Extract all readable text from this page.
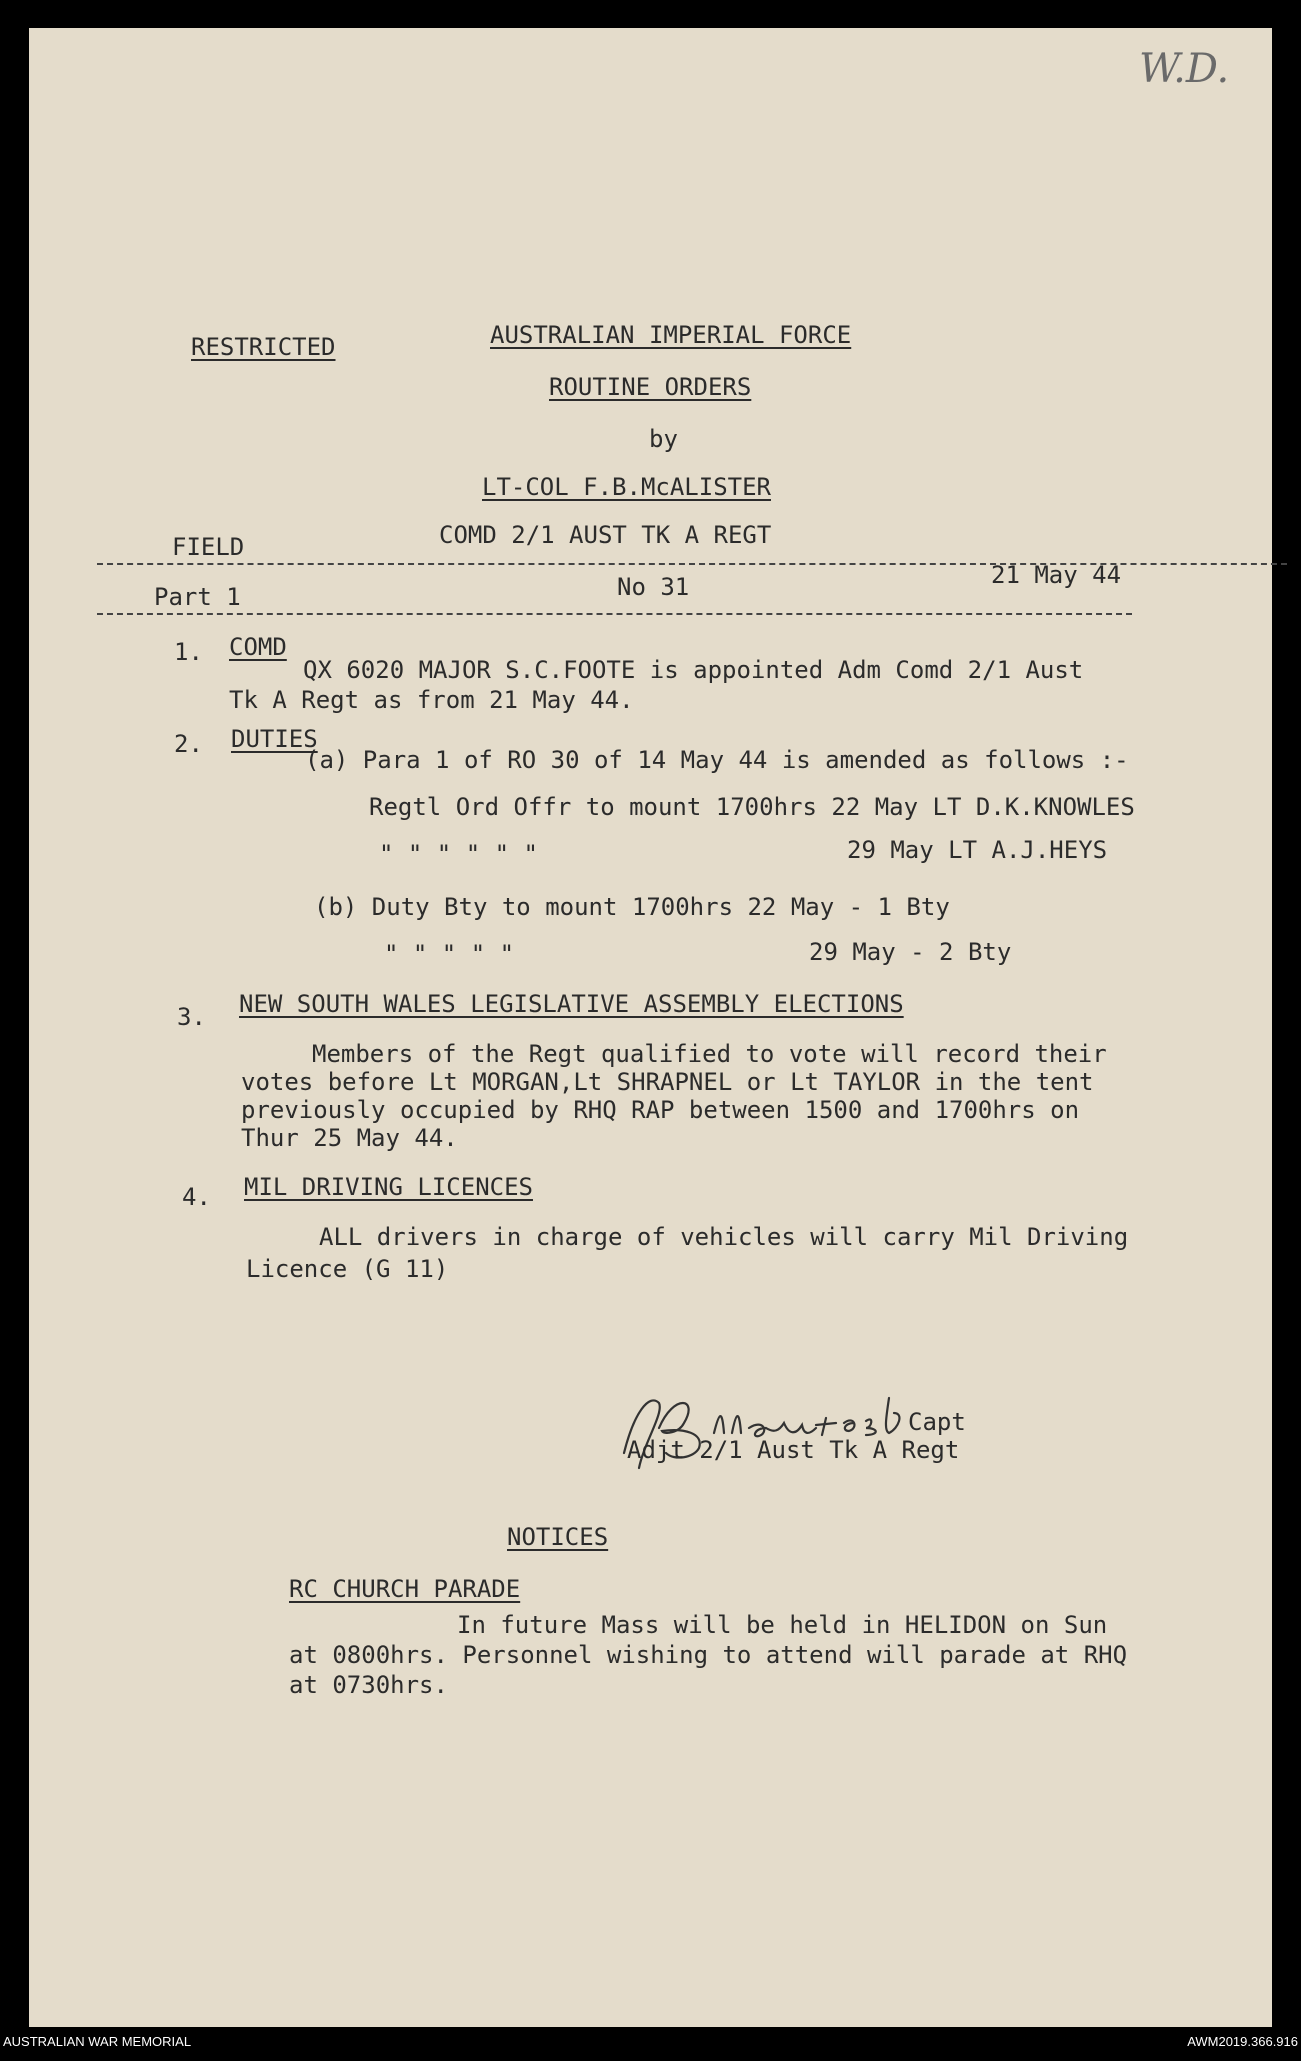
W.D.
RESTRICTED	AUSTRALIAN IMPERIAL FORCE
ROUTINE ORDERS
by
LT-COL F.B.McALISTER
FIELD	COMD 2/1 AUST TK A REGT
Part 1	No 31	21 May 44
1. COMD
QX 6020 MAJOR S.C.FOOTE is appointed Adm Comd 2/1 Aust
Tk A Regt as from 21 May 44.
2. DUTIES
(a) Para 1 of RO 30 of 14 May 44 is amended as follows :-
Regtl Ord Offr to mount 1700hrs 22 May LT D.K.KNOWLES
" " " " " "	29 May LT A.J.HEYS
(b) Duty Bty to mount 1700hrs 22 May - 1 Bty
" " " " "	29 May - 2 Bty
3. NEW SOUTH WALES LEGISLATIVE ASSEMBLY ELECTIONS
Members of the Regt qualified to vote will record their
votes before Lt MORGAN,Lt SHRAPNEL or Lt TAYLOR in the tent
previously occupied by RHQ RAP between 1500 and 1700hrs on
Thur 25 May 44.
4. MIL DRIVING LICENCES
ALL drivers in charge of vehicles will carry Mil Driving
Licence (G 11)
Capt
Adjt 2/1 Aust Tk A Regt
NOTICES
RC CHURCH PARADE
In future Mass will be held in HELIDON on Sun
at 0800hrs. Personnel wishing to attend will parade at RHQ
at 0730hrs.
AUSTRALIAN WAR MEMORIAL	AWM2019.366.916
